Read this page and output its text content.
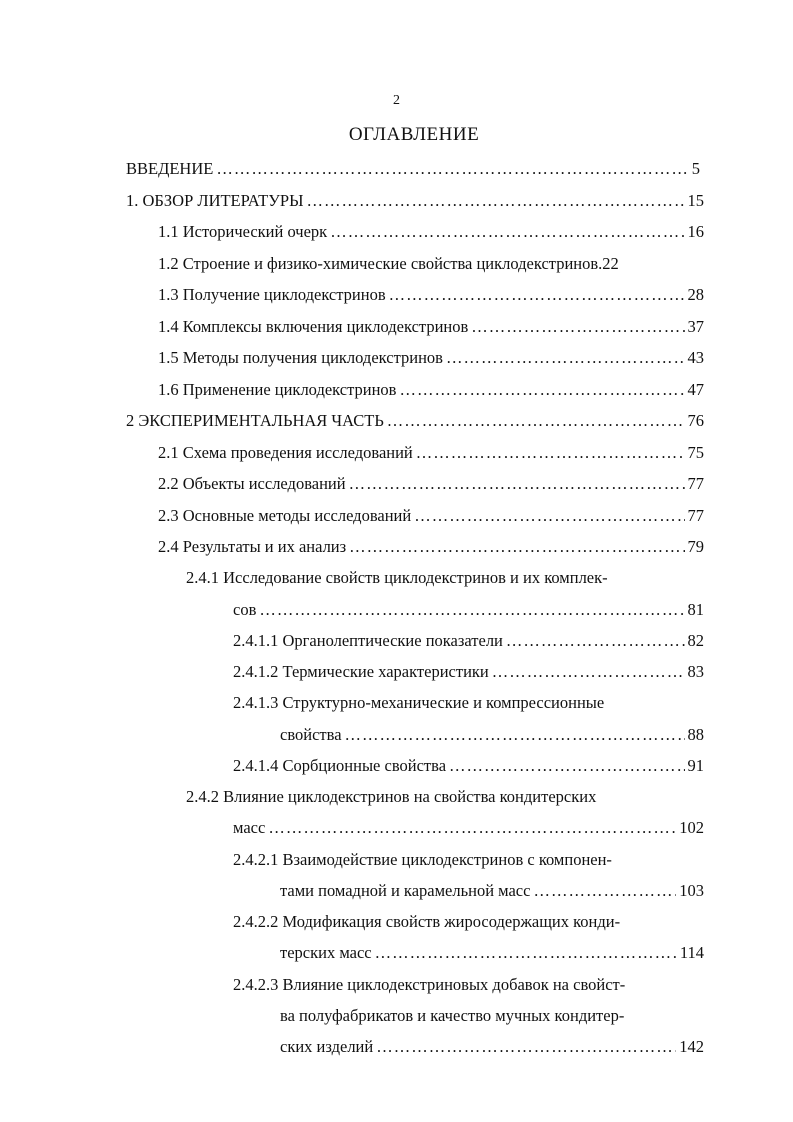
2
ОГЛАВЛЕНИЕ
ВВЕДЕНИЕ …………………………………………………………………………………………………………………………………………………………………………………………	5
1. ОБЗОР ЛИТЕРАТУРЫ …………………………………………………………………………………………………………………………………………………………………………………………	15
1.1 Исторический очерк …………………………………………………………………………………………………………………………………………………………………………………………	16
1.2 Строение и физико-химические свойства циклодекстринов.22
1.3 Получение циклодекстринов …………………………………………………………………………………………………………………………………………………………………………………………	28
1.4 Комплексы включения циклодекстринов …………………………………………………………………………………………………………………………………………………………………………………………	37
1.5 Методы получения циклодекстринов …………………………………………………………………………………………………………………………………………………………………………………………	43
1.6 Применение циклодекстринов …………………………………………………………………………………………………………………………………………………………………………………………	47
2 ЭКСПЕРИМЕНТАЛЬНАЯ ЧАСТЬ …………………………………………………………………………………………………………………………………………………………………………………………	76
2.1 Схема проведения исследований …………………………………………………………………………………………………………………………………………………………………………………………	75
2.2 Объекты исследований …………………………………………………………………………………………………………………………………………………………………………………………	77
2.3 Основные методы исследований …………………………………………………………………………………………………………………………………………………………………………………………	77
2.4 Результаты и их анализ …………………………………………………………………………………………………………………………………………………………………………………………	79
2.4.1 Исследование свойств циклодекстринов и их комплек-
сов …………………………………………………………………………………………………………………………………………………………………………………………	81
2.4.1.1 Органолептические показатели …………………………………………………………………………………………………………………………………………………………………………………………	82
2.4.1.2 Термические характеристики …………………………………………………………………………………………………………………………………………………………………………………………	83
2.4.1.3 Структурно-механические и компрессионные
свойства …………………………………………………………………………………………………………………………………………………………………………………………	88
2.4.1.4 Сорбционные свойства …………………………………………………………………………………………………………………………………………………………………………………………	91
2.4.2 Влияние циклодекстринов на свойства кондитерских
масс …………………………………………………………………………………………………………………………………………………………………………………………	102
2.4.2.1 Взаимодействие циклодекстринов с компонен-
тами помадной и карамельной масс …………………………………………………………………………………………………………………………………………………………………………………………	103
2.4.2.2 Модификация свойств жиросодержащих конди-
терских масс …………………………………………………………………………………………………………………………………………………………………………………………	114
2.4.2.3 Влияние циклодекстриновых добавок на свойст-
ва полуфабрикатов и качество мучных кондитер-
ских изделий …………………………………………………………………………………………………………………………………………………………………………………………	142
